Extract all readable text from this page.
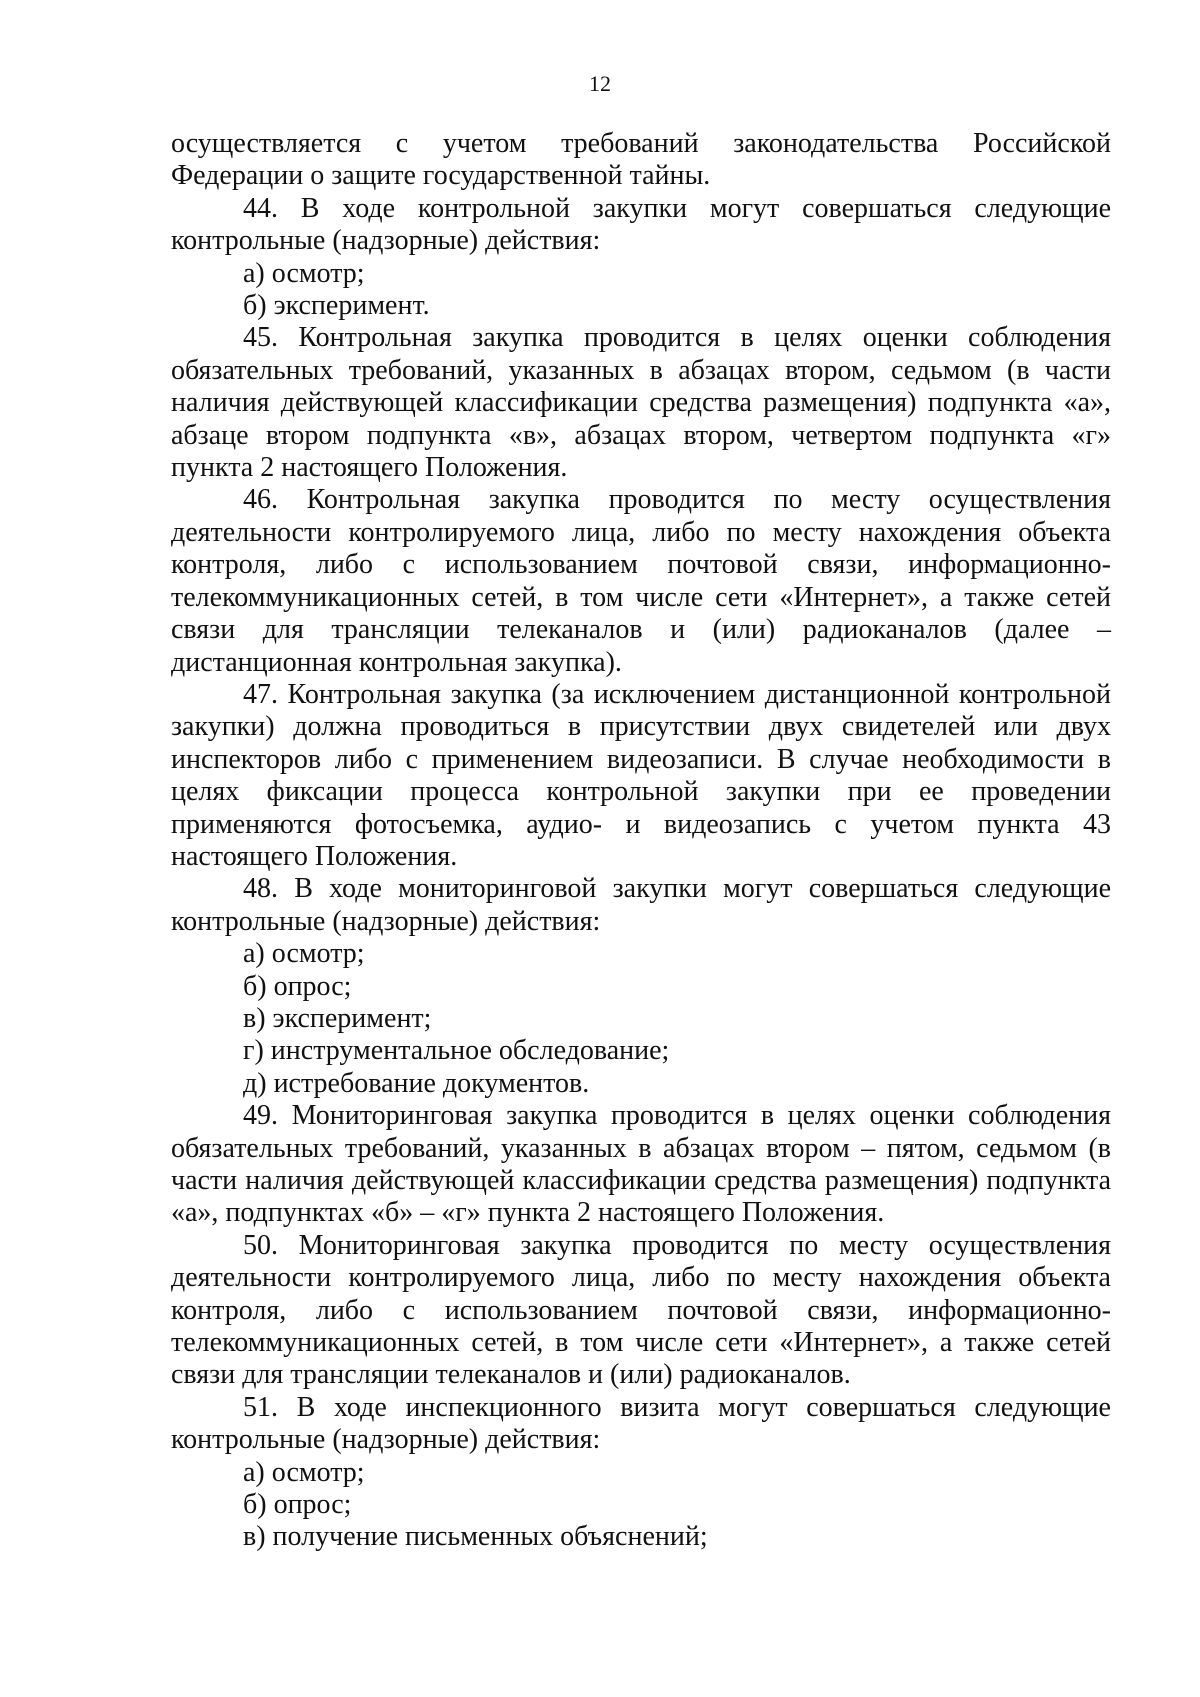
12

осуществляется с учетом требований законодательства Российской Федерации о защите государственной тайны.

44. В ходе контрольной закупки могут совершаться следующие контрольные (надзорные) действия:

а) осмотр;

б) эксперимент.

45. Контрольная закупка проводится в целях оценки соблюдения обязательных требований, указанных в абзацах втором, седьмом (в части наличия действующей классификации средства размещения) подпункта «а», абзаце втором подпункта «в», абзацах втором, четвертом подпункта «г» пункта 2 настоящего Положения.

46. Контрольная закупка проводится по месту осуществления деятельности контролируемого лица, либо по месту нахождения объекта контроля, либо с использованием почтовой связи, информационно-телекоммуникационных сетей, в том числе сети «Интернет», а также сетей связи для трансляции телеканалов и (или) радиоканалов (далее – дистанционная контрольная закупка).

47. Контрольная закупка (за исключением дистанционной контрольной закупки) должна проводиться в присутствии двух свидетелей или двух инспекторов либо с применением видеозаписи. В случае необходимости в целях фиксации процесса контрольной закупки при ее проведении применяются фотосъемка, аудио- и видеозапись с учетом пункта 43 настоящего Положения.

48. В ходе мониторинговой закупки могут совершаться следующие контрольные (надзорные) действия:

а) осмотр;

б) опрос;

в) эксперимент;

г) инструментальное обследование;

д) истребование документов.

49. Мониторинговая закупка проводится в целях оценки соблюдения обязательных требований, указанных в абзацах втором – пятом, седьмом (в части наличия действующей классификации средства размещения) подпункта «а», подпунктах «б» – «г» пункта 2 настоящего Положения.

50. Мониторинговая закупка проводится по месту осуществления деятельности контролируемого лица, либо по месту нахождения объекта контроля, либо с использованием почтовой связи, информационно-телекоммуникационных сетей, в том числе сети «Интернет», а также сетей связи для трансляции телеканалов и (или) радиоканалов.

51. В ходе инспекционного визита могут совершаться следующие контрольные (надзорные) действия:

а) осмотр;

б) опрос;

в) получение письменных объяснений;
